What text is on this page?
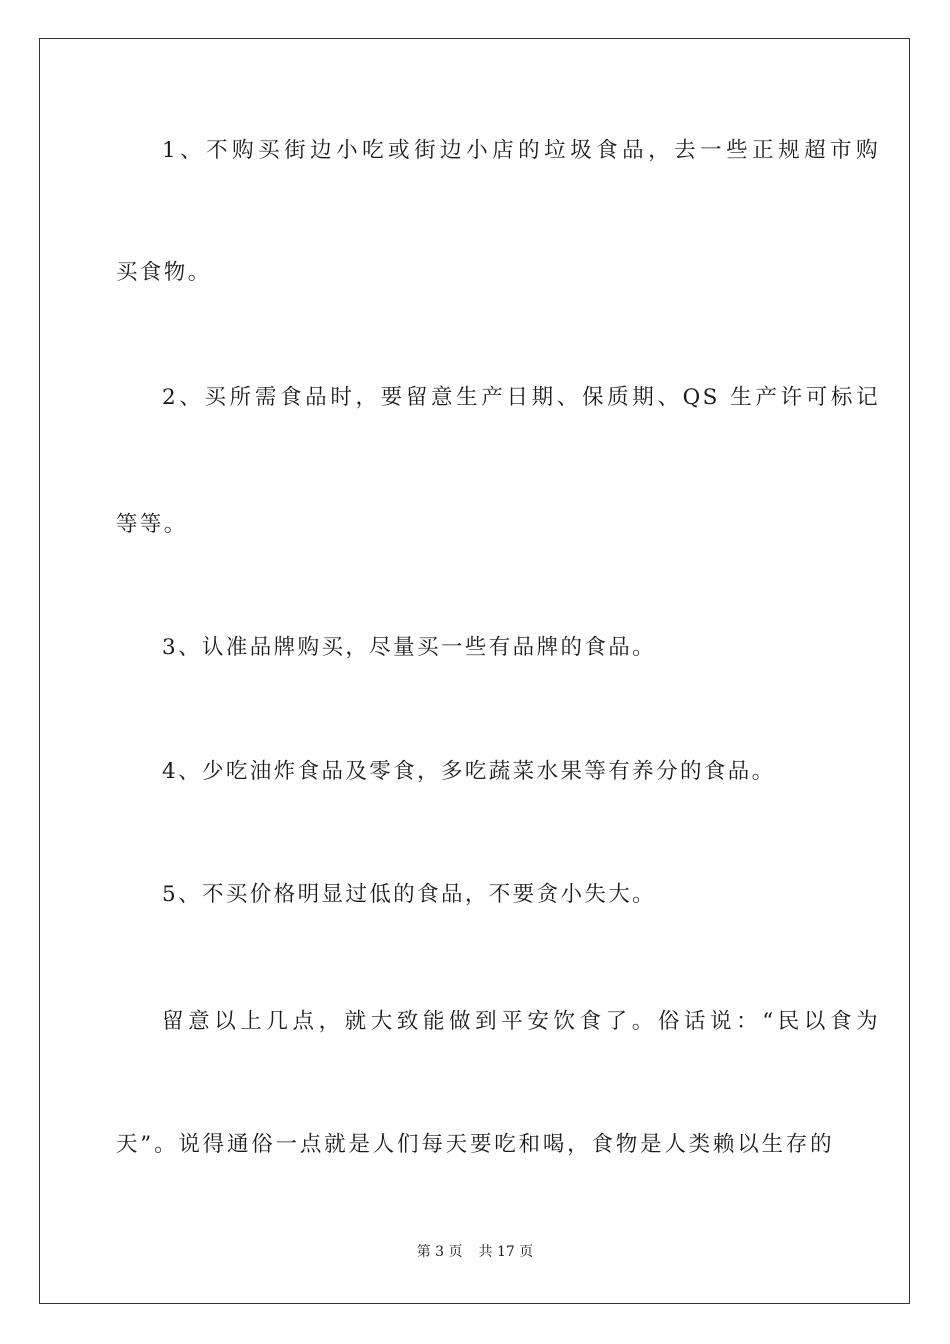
1、不购买街边小吃或街边小店的垃圾食品，去一些正规超市购
买食物。
2、买所需食品时，要留意生产日期、保质期、QS 生产许可标记
等等。
3、认准品牌购买，尽量买一些有品牌的食品。
4、少吃油炸食品及零食，多吃蔬菜水果等有养分的食品。
5、不买价格明显过低的食品，不要贪小失大。
留意以上几点，就大致能做到平安饮食了。俗话说：“民以食为
天”。说得通俗一点就是人们每天要吃和喝，食物是人类赖以生存的
第 3 页 共 17 页
